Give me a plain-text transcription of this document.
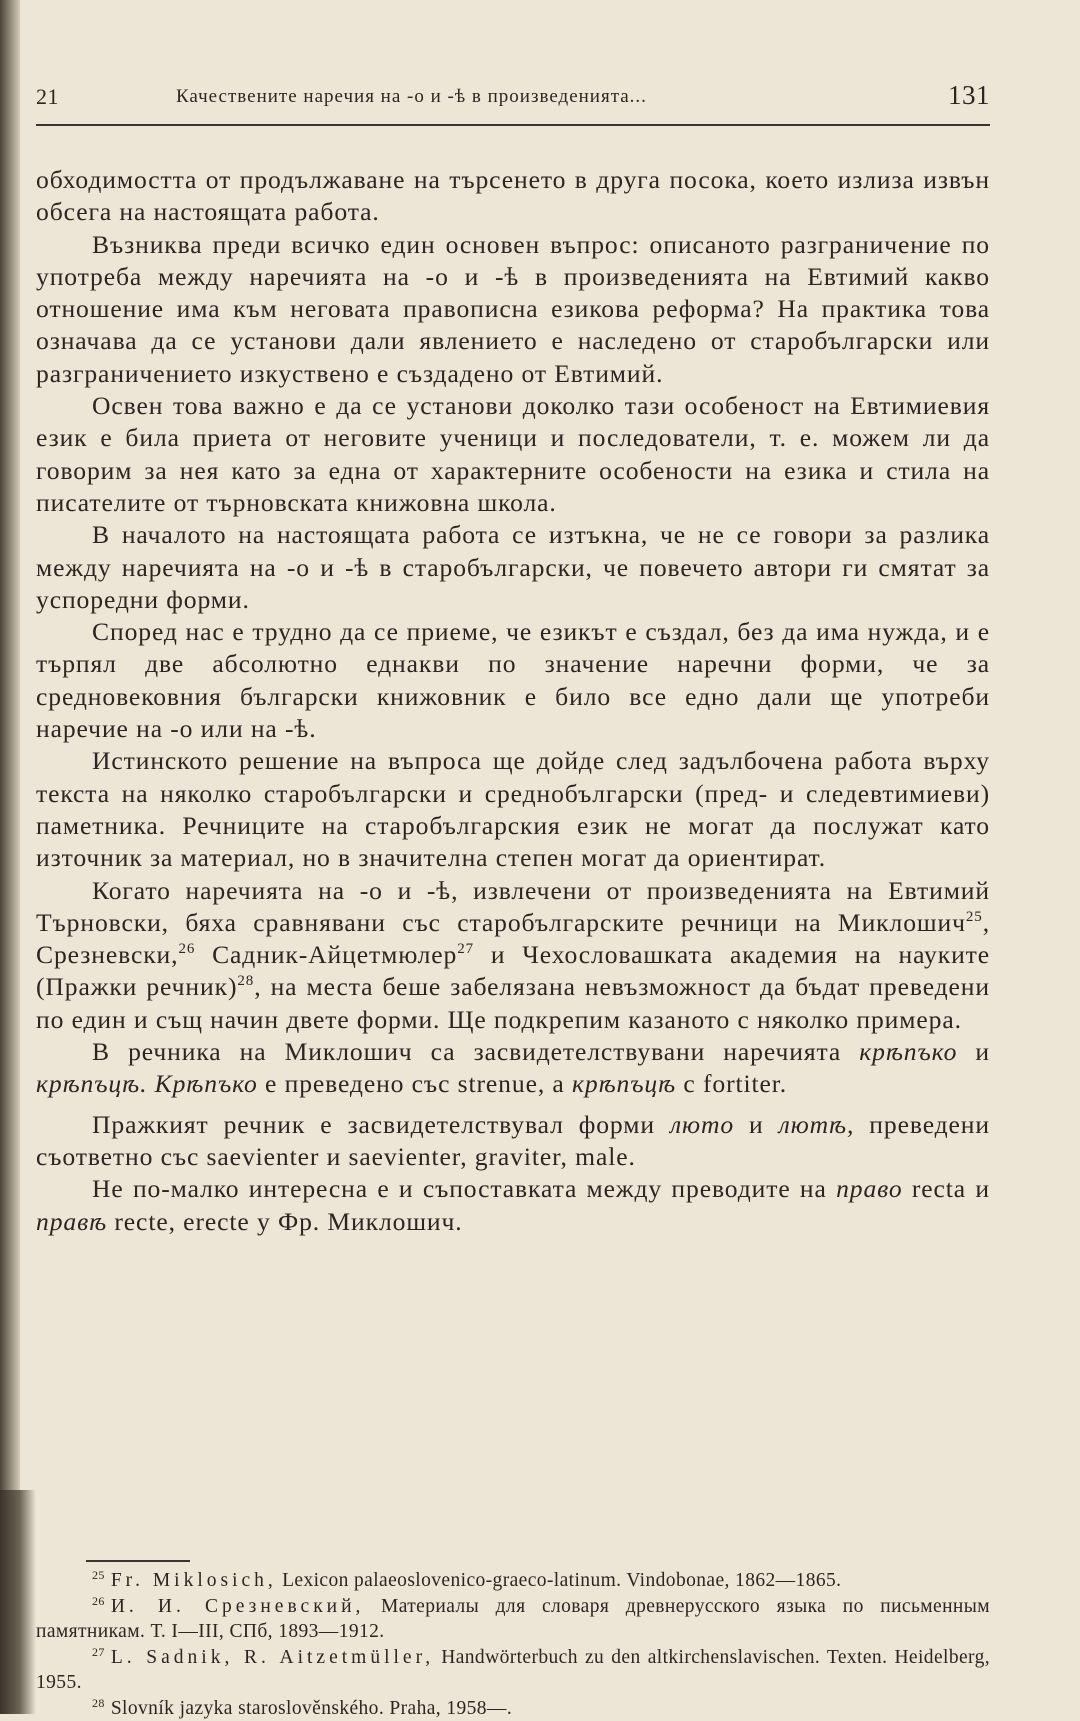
21	Качествените наречия на -о и -ѣ в произведенията...	131

обходимостта от продължаване на търсенето в друга посока, което излиза извън обсега на настоящата работа.

Възниква преди всичко един основен въпрос: описаното разграничение по употреба между наречията на -о и -ѣ в произведенията на Евтимий какво отношение има към неговата правописна езикова реформа? На практика това означава да се установи дали явлението е наследено от старобългарски или разграничението изкуствено е създадено от Евтимий.

Освен това важно е да се установи доколко тази особеност на Евтимиевия език е била приета от неговите ученици и последователи, т. е. можем ли да говорим за нея като за една от характерните особености на езика и стила на писателите от търновската книжовна школа.

В началото на настоящата работа се изтъкна, че не се говори за разлика между наречията на -о и -ѣ в старобългарски, че повечето автори ги смятат за успоредни форми.

Според нас е трудно да се приеме, че езикът е създал, без да има нужда, и е търпял две абсолютно еднакви по значение наречни форми, че за средновековния български книжовник е било все едно дали ще употреби наречие на -о или на -ѣ.

Истинското решение на въпроса ще дойде след задълбочена работа върху текста на няколко старобългарски и среднобългарски (пред- и следевтимиеви) паметника. Речниците на старобългарския език не могат да послужат като източник за материал, но в значителна степен могат да ориентират.

Когато наречията на -о и -ѣ, извлечени от произведенията на Евтимий Търновски, бяха сравнявани със старобългарските речници на Миклошич$^{25}$, Срезневски,$^{26}$ Садник-Айцетмюлер$^{27}$ и Чехословашката академия на науките (Пражки речник)$^{28}$, на места беше забелязана невъзможност да бъдат преведени по един и същ начин двете форми. Ще подкрепим казаното с няколко примера.

В речника на Миклошич са засвидетелствувани наречията крѣпъко и крѣпъцѣ. Крѣпъко е преведено със strenue, а крѣпъцѣ с fortiter.

Пражкият речник е засвидетелствувал форми люто и лютѣ, преведени съответно със saevienter и saevienter, graviter, male.

Не по-малко интересна е и съпоставката между преводите на право recta и правѣ recte, erecte у Фр. Миклошич.

$^{25}$ Fr. Miklosich, Lexicon palaeoslovenico-graeco-latinum. Vindobonae, 1862—1865.

$^{26}$ И. И. Срезневский, Материалы для словаря древнерусского языка по письменным памятникам. Т. I—III, СПб, 1893—1912.

$^{27}$ L. Sadnik, R. Aitzetmüller, Handwörterbuch zu den altkirchenslavischen. Texten. Heidelberg, 1955.

$^{28}$ Slovník jazyka staroslověnského. Praha, 1958—.
